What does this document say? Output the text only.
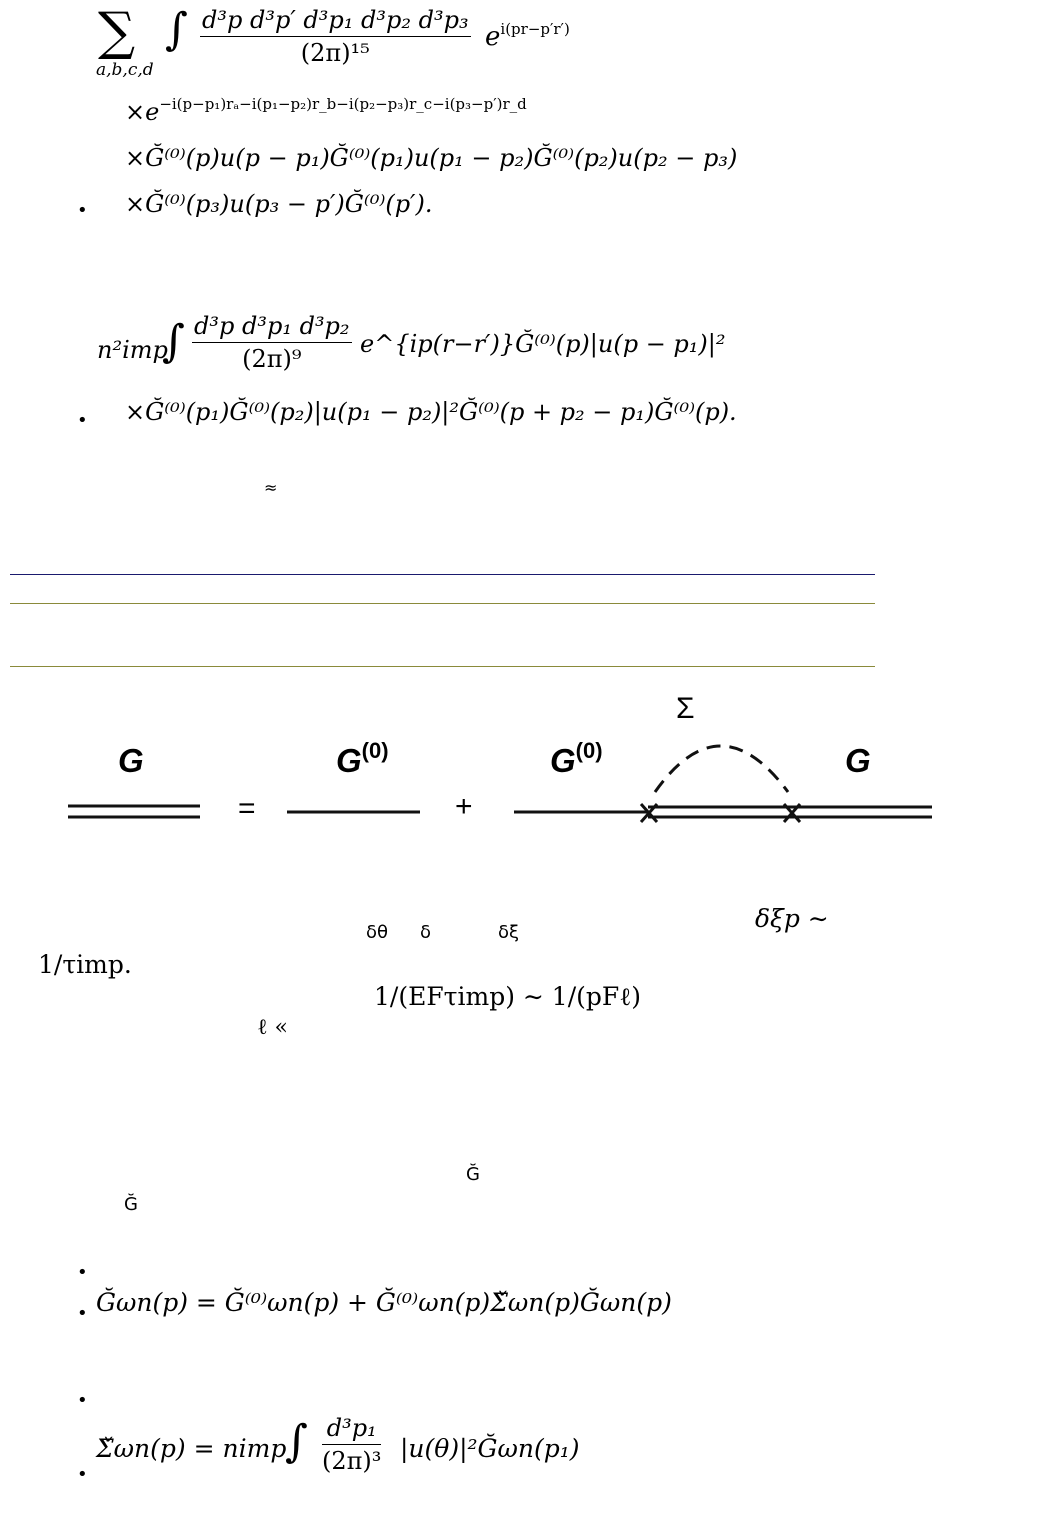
∑
a,b,c,d
∫ $\frac{\text{d³p d³p′ d³p₁ d³p₂ d³p₃}}{\text{(2π)¹⁵}} e^{i(pr-p'r')}$
$\times e^{-i(p-p_1)r_a-i(p_1-p_2)r\_b-i(p_2-p_3)r\_c-i(p_3-p')r\_d}$
×Ğ⁽⁰⁾(p)u(p − p₁)Ğ⁽⁰⁾(p₁)u(p₁ − p₂)Ğ⁽⁰⁾(p₂)u(p₂ − p₃)
×Ğ⁽⁰⁾(p₃)u(p₃ − p′)Ğ⁽⁰⁾(p′).
•
n²imp
∫ $\frac{\text{d³p d³p₁ d³p₂}}{\text{(2π)⁹}}$ e^{ip(r−r′)}Ğ⁽⁰⁾(p)|u(p − p₁)|²
×Ğ⁽⁰⁾(p₁)Ğ⁽⁰⁾(p₂)|u(p₁ − p₂)|²Ğ⁽⁰⁾(p + p₂ − p₁)Ğ⁽⁰⁾(p).
•
≈
G
=
$G^{(0)}$
+
$G^{(0)}$
Σ
G
δθ δ	δξ	δξp ∼
1/τimp.
1/(EFτimp) ∼ 1/(pFℓ)
ℓ «
Ğ
Ğ
•
Ğωn(p) = Ğ⁽⁰⁾ωn(p) + Ğ⁽⁰⁾ωn(p)Σ̌ωn(p)Ğωn(p)
•
•
Σ̌ωn(p) = nimp
∫ $\frac{\text{d³p₁}}{\text{(2π)³}}$ |u(θ)|²Ğωn(p₁)
•
